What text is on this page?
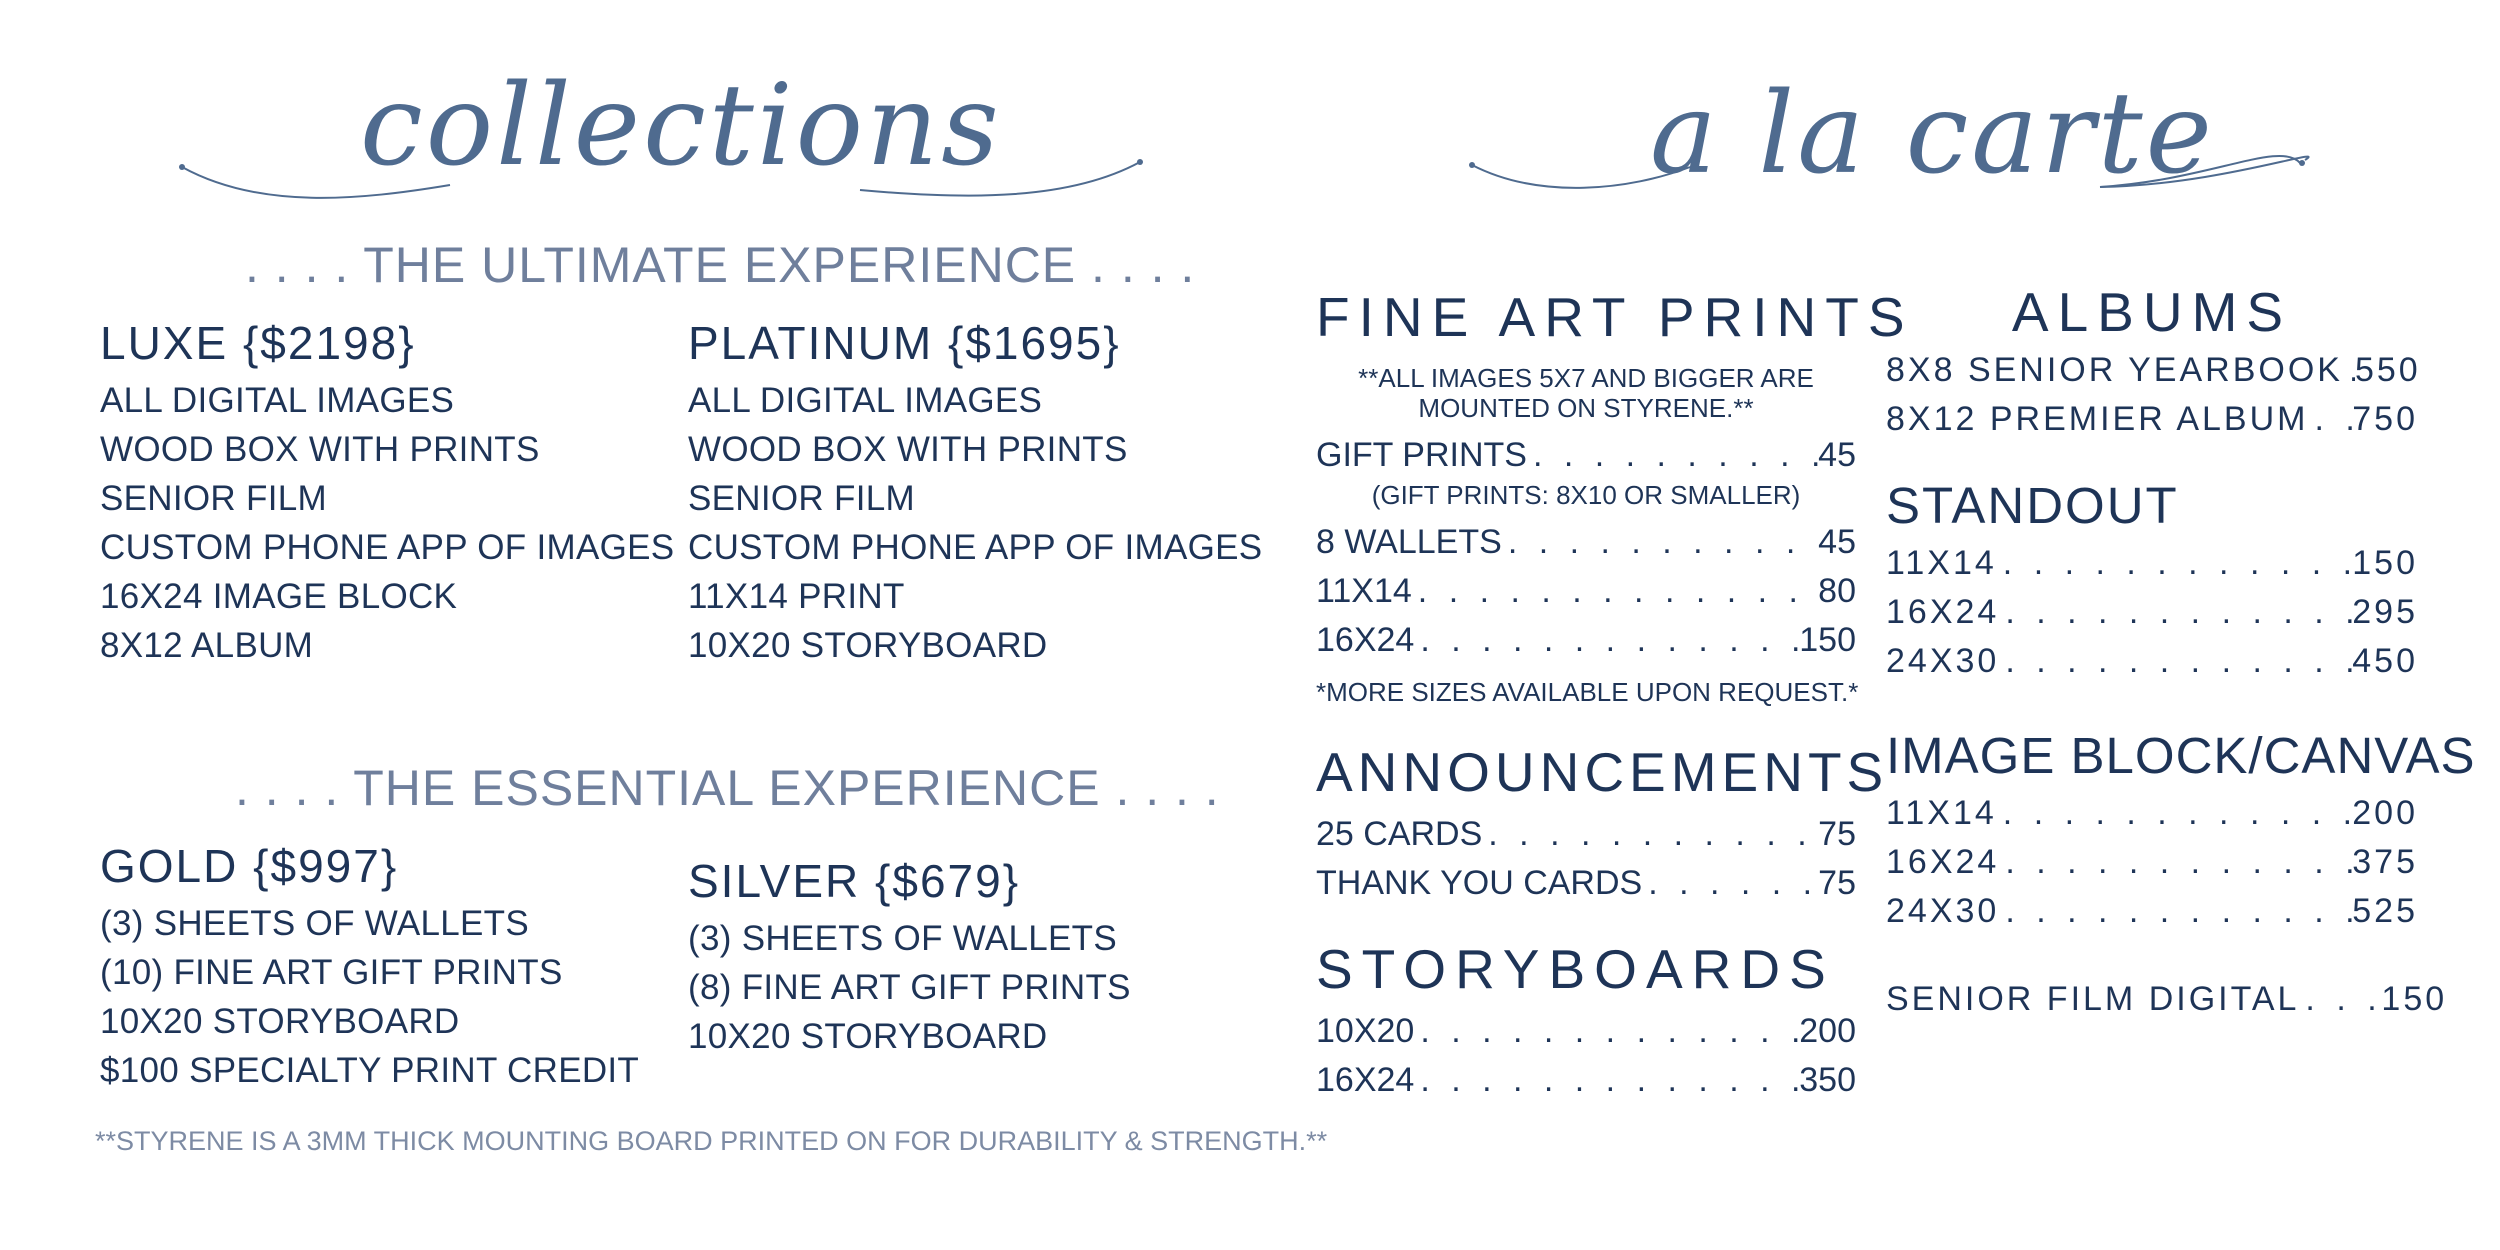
collections
. . . . THE ULTIMATE EXPERIENCE . . . .
LUXE {$2198}
ALL DIGITAL IMAGES
WOOD BOX WITH PRINTS
SENIOR FILM
CUSTOM PHONE APP OF IMAGES
16X24 IMAGE BLOCK
8X12 ALBUM
PLATINUM {$1695}
ALL DIGITAL IMAGES
WOOD BOX WITH PRINTS
SENIOR FILM
CUSTOM PHONE APP OF IMAGES
11X14 PRINT
10X20 STORYBOARD
. . . . THE ESSENTIAL EXPERIENCE . . . .
GOLD {$997}
(3) SHEETS OF WALLETS
(10) FINE ART GIFT PRINTS
10X20 STORYBOARD
$100 SPECIALTY PRINT CREDIT
SILVER {$679}
(3) SHEETS OF WALLETS
(8) FINE ART GIFT PRINTS
10X20 STORYBOARD
**STYRENE IS A 3MM THICK MOUNTING BOARD PRINTED ON FOR DURABILITY & STRENGTH.**
a la carte
FINE ART PRINTS
**ALL IMAGES 5X7 AND BIGGER ARE
MOUNTED ON STYRENE.**
GIFT PRINTS . . .	45
(GIFT PRINTS: 8X10 OR SMALLER)
8 WALLETS . . .	45
11X14 . . .	80
16X24 . . .	150
*MORE SIZES AVAILABLE UPON REQUEST.*
ANNOUNCEMENTS
25 CARDS . . .	75
THANK YOU CARDS . . .	75
STORYBOARDS
10X20 . . .	200
16X24 . . .	350
ALBUMS
8X8 SENIOR YEARBOOK . . . 550
8X12 PREMIER ALBUM . . . 750
STANDOUT
11X14 . . .	150
16X24 . . .	295
24X30 . . .	450
IMAGE BLOCK/CANVAS
11X14 . . .	200
16X24 . . .	375
24X30 . . .	525
SENIOR FILM DIGITAL . . . 150
